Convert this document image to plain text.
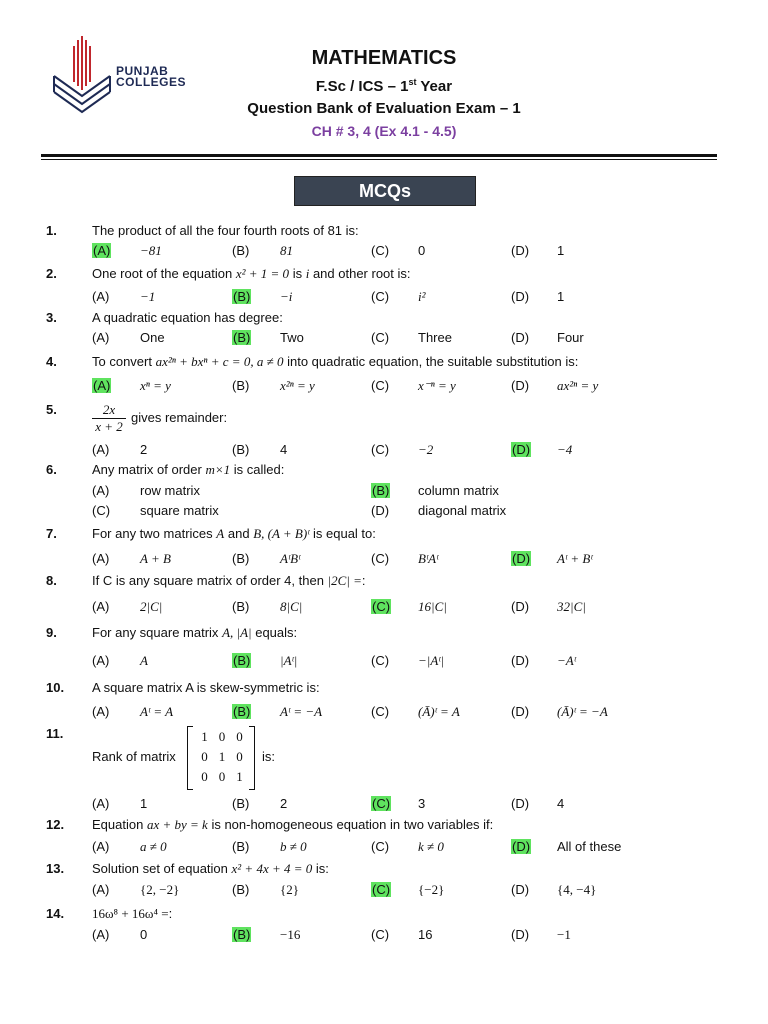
PUNJAB
COLLEGES
MATHEMATICS
F.Sc / ICS – 1st Year
Question Bank of Evaluation Exam – 1
CH # 3, 4 (Ex 4.1 - 4.5)
MCQs
1.	The product of all the four fourth roots of 81 is:
(A) −81	(B) 81	(C) 0	(D) 1
2.	One root of the equation x² + 1 = 0 is i and other root is:
(A) −1	(B) −i	(C) i²	(D) 1
3.	A quadratic equation has degree:
(A) One	(B) Two	(C) Three	(D) Four
4.	To convert ax²ⁿ + bxⁿ + c = 0, a ≠ 0 into quadratic equation, the suitable substitution is:
(A) xⁿ = y	(B) x²ⁿ = y	(C) x⁻ⁿ = y	(D) ax²ⁿ = y
5.	$\frac{2x}{x + 2}$ gives remainder:
(A) 2	(B) 4	(C) −2	(D) −4
6.	Any matrix of order m×1 is called:
(A) row matrix	(B) column matrix
(C) square matrix	(D) diagonal matrix
7.	For any two matrices A and B, (A + B)ᵗ is equal to:
(A) A + B	(B) AᵗBᵗ	(C) BᵗAᵗ	(D) Aᵗ + Bᵗ
8.	If C is any square matrix of order 4, then |2C| =:
(A) 2|C|	(B) 8|C|	(C) 16|C|	(D) 32|C|
9.	For any square matrix A, |A| equals:
(A) A	(B) |Aᵗ|	(C) −|Aᵗ|	(D) −Aᵗ
10. A square matrix A is skew-symmetric is:
(A) Aᵗ = A	(B) Aᵗ = −A	(C) (Ā)ᵗ = A	(D) (Ā)ᵗ = −A
11.
Rank of matrix
1 0 0
0 1 0
0 0 1
is:
(A) 1	(B) 2	(C) 3	(D) 4
12. Equation ax + by = k is non-homogeneous equation in two variables if:
(A) a ≠ 0	(B) b ≠ 0	(C) k ≠ 0	(D) All of these
13. Solution set of equation x² + 4x + 4 = 0 is:
(A) {2, −2}	(B) {2}	(C) {−2}	(D) {4, −4}
14. 16ω⁸ + 16ω⁴ =:
(A) 0	(B) −16	(C) 16	(D) −1
